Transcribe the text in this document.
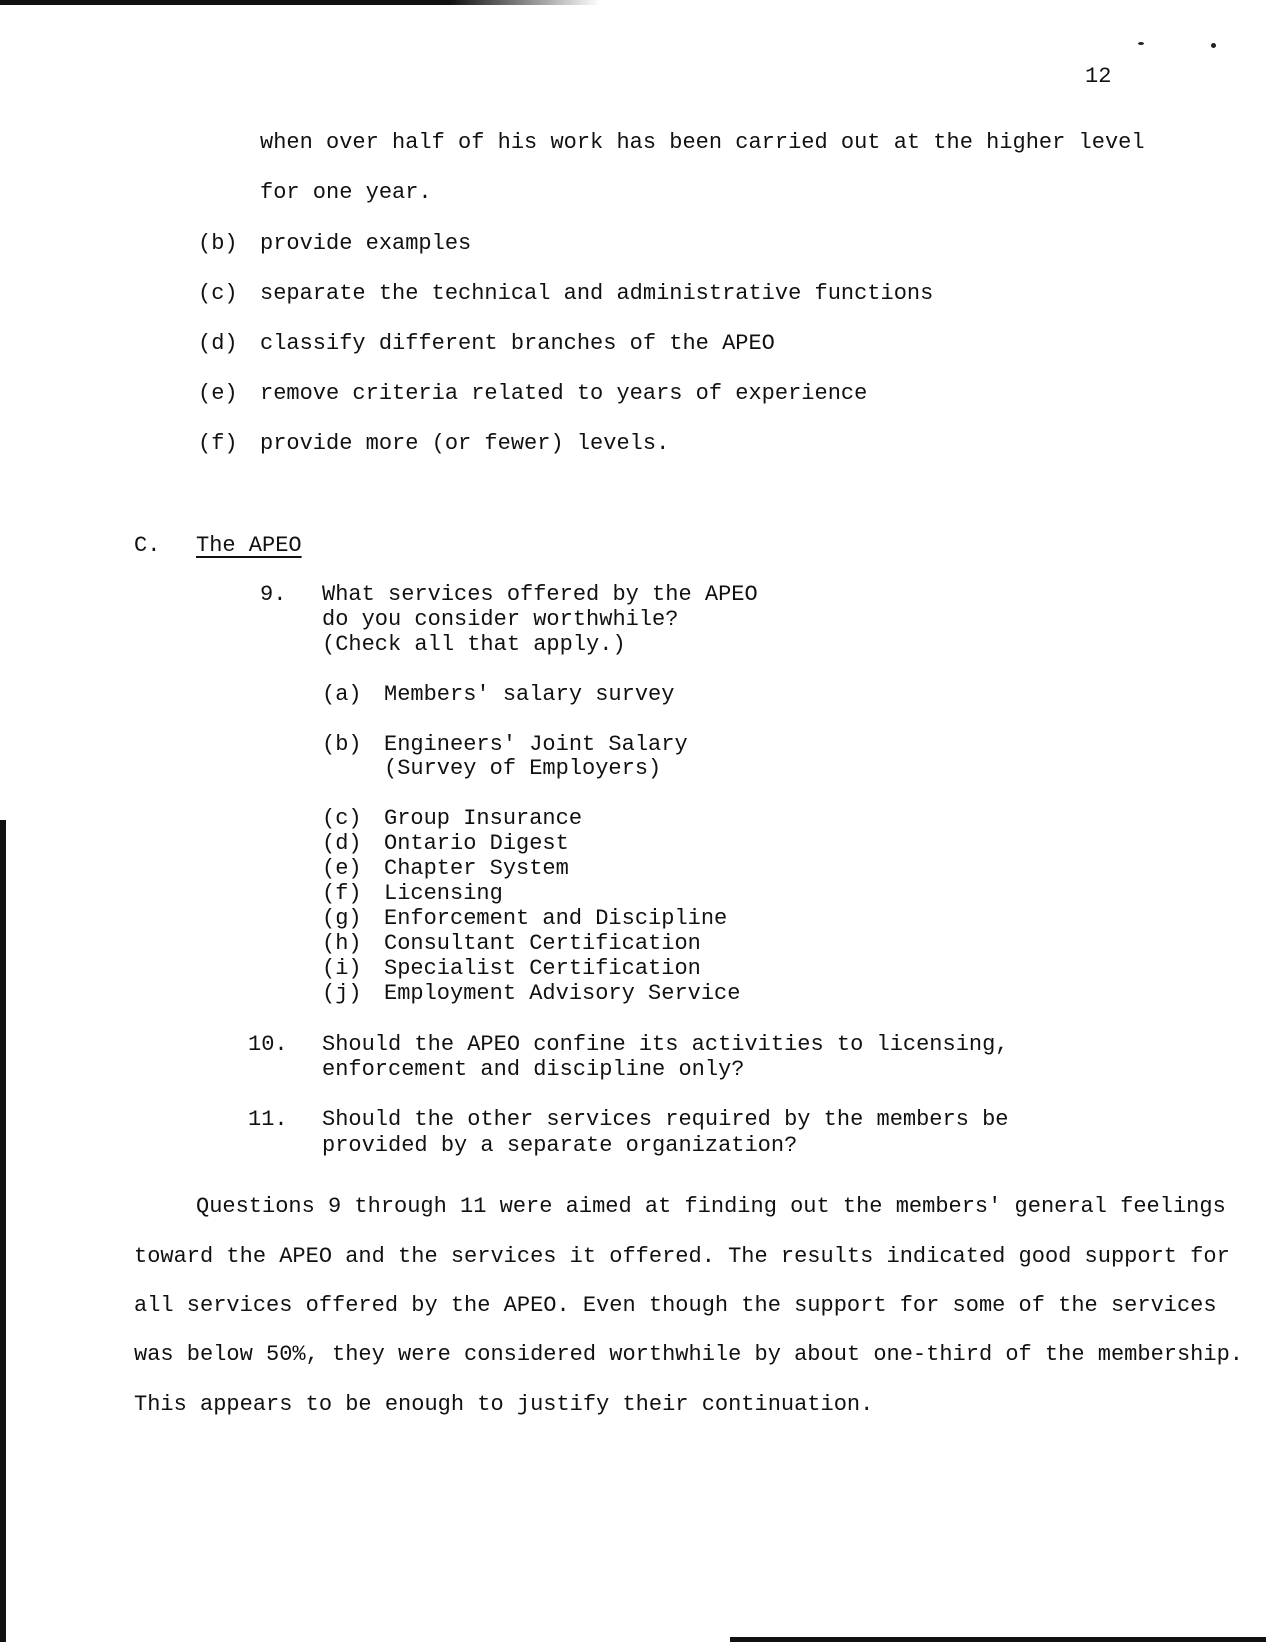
12
when over half of his work has been carried out at the higher level
for one year.
(b) provide examples
(c) separate the technical and administrative functions
(d) classify different branches of the APEO
(e) remove criteria related to years of experience
(f) provide more (or fewer) levels.
C. The APEO
9. What services offered by the APEO
do you consider worthwhile?
(Check all that apply.)
(a) Members' salary survey
(b) Engineers' Joint Salary
(Survey of Employers)
(c) Group Insurance
(d) Ontario Digest
(e) Chapter System
(f) Licensing
(g) Enforcement and Discipline
(h) Consultant Certification
(i) Specialist Certification
(j) Employment Advisory Service
10. Should the APEO confine its activities to licensing,
enforcement and discipline only?
11. Should the other services required by the members be
provided by a separate organization?
Questions 9 through 11 were aimed at finding out the members' general feelings
toward the APEO and the services it offered. The results indicated good support for
all services offered by the APEO. Even though the support for some of the services
was below 50%, they were considered worthwhile by about one-third of the membership.
This appears to be enough to justify their continuation.
